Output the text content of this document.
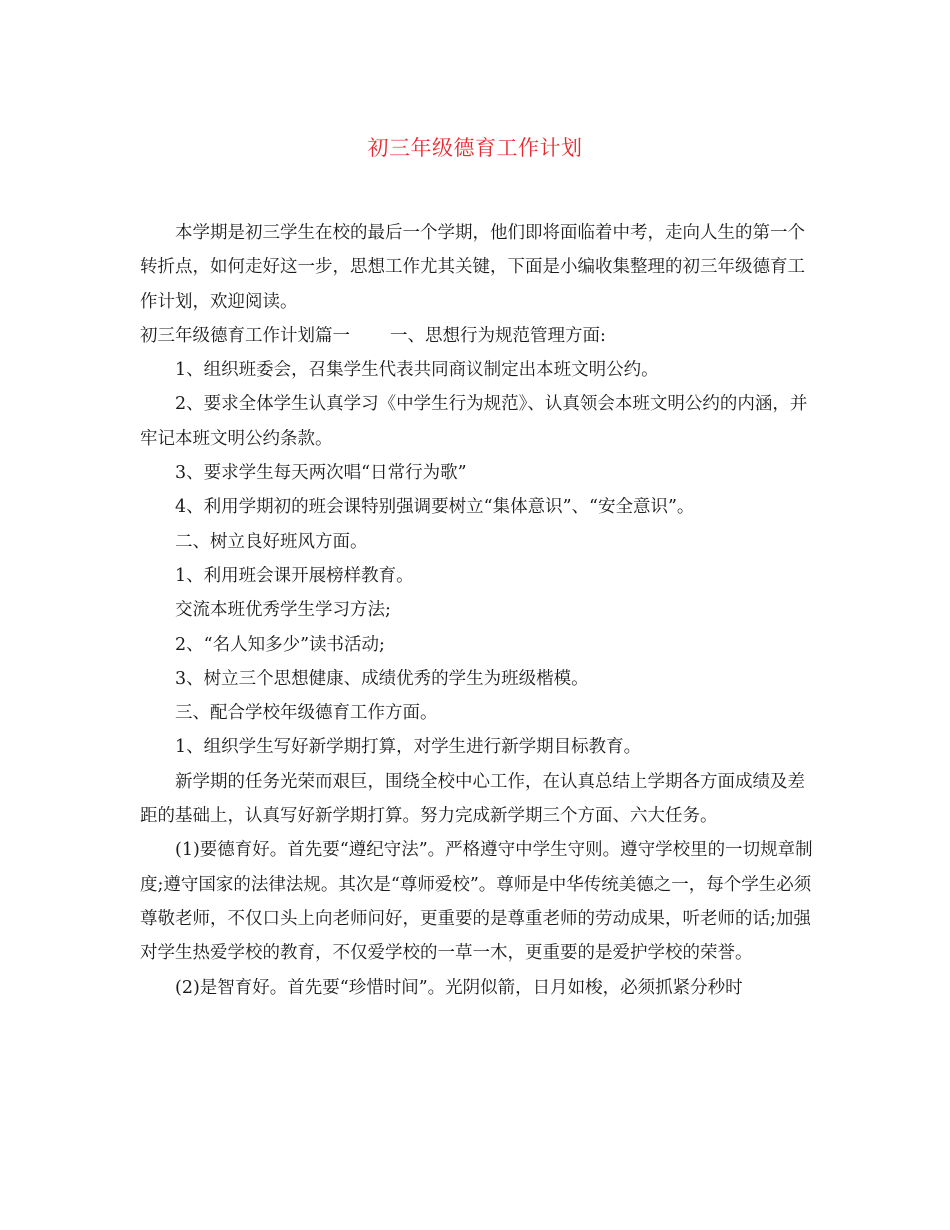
初三年级德育工作计划

本学期是初三学生在校的最后一个学期，他们即将面临着中考，走向人生的第一个转折点，如何走好这一步，思想工作尤其关键，下面是小编收集整理的初三年级德育工作计划，欢迎阅读。

初三年级德育工作计划篇一 一、思想行为规范管理方面:

1、组织班委会，召集学生代表共同商议制定出本班文明公约。

2、要求全体学生认真学习《中学生行为规范》、认真领会本班文明公约的内涵，并牢记本班文明公约条款。

3、要求学生每天两次唱“日常行为歌”

4、利用学期初的班会课特别强调要树立“集体意识”、“安全意识”。

二、树立良好班风方面。

1、利用班会课开展榜样教育。

交流本班优秀学生学习方法;

2、“名人知多少”读书活动;

3、树立三个思想健康、成绩优秀的学生为班级楷模。

三、配合学校年级德育工作方面。

1、组织学生写好新学期打算，对学生进行新学期目标教育。

新学期的任务光荣而艰巨，围绕全校中心工作，在认真总结上学期各方面成绩及差距的基础上，认真写好新学期打算。努力完成新学期三个方面、六大任务。

(1)要德育好。首先要“遵纪守法”。严格遵守中学生守则。遵守学校里的一切规章制度;遵守国家的法律法规。其次是“尊师爱校”。尊师是中华传统美德之一，每个学生必须尊敬老师，不仅口头上向老师问好，更重要的是尊重老师的劳动成果，听老师的话;加强对学生热爱学校的教育，不仅爱学校的一草一木，更重要的是爱护学校的荣誉。

(2)是智育好。首先要“珍惜时间”。光阴似箭，日月如梭，必须抓紧分秒时
